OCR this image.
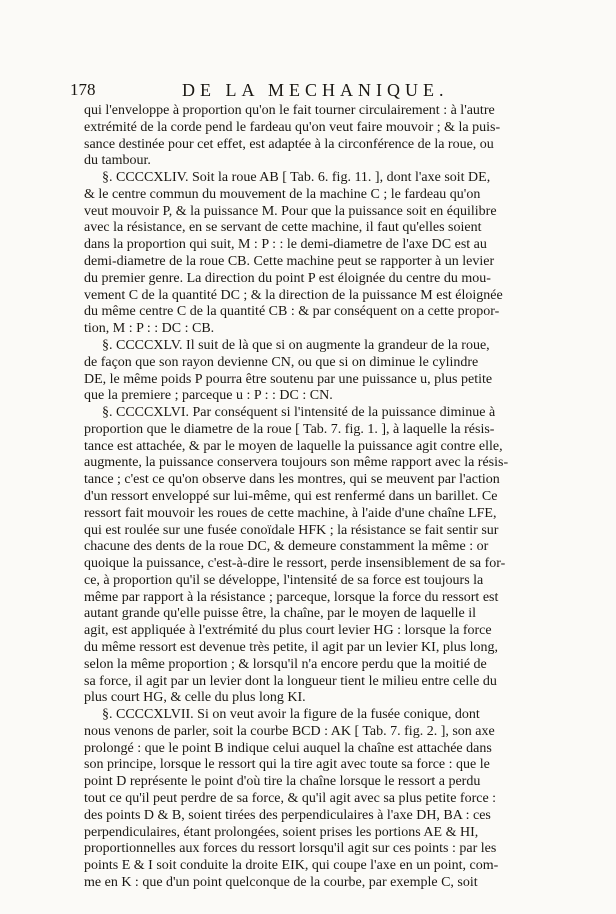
178	DE LA MECHANIQUE.
qui l'enveloppe à proportion qu'on le fait tourner circulairement : à l'autre
extrémité de la corde pend le fardeau qu'on veut faire mouvoir ; & la puis-
sance destinée pour cet effet, est adaptée à la circonférence de la roue, ou
du tambour.
§. CCCCXLIV. Soit la roue AB [ Tab. 6. fig. 11. ], dont l'axe soit DE,
& le centre commun du mouvement de la machine C ; le fardeau qu'on
veut mouvoir P, & la puissance M. Pour que la puissance soit en équilibre
avec la résistance, en se servant de cette machine, il faut qu'elles soient
dans la proportion qui suit, M : P : : le demi-diametre de l'axe DC est au
demi-diametre de la roue CB. Cette machine peut se rapporter à un levier
du premier genre. La direction du point P est éloignée du centre du mou-
vement C de la quantité DC ; & la direction de la puissance M est éloignée
du même centre C de la quantité CB : & par conséquent on a cette propor-
tion, M : P : : DC : CB.
§. CCCCXLV. Il suit de là que si on augmente la grandeur de la roue,
de façon que son rayon devienne CN, ou que si on diminue le cylindre
DE, le même poids P pourra être soutenu par une puissance u, plus petite
que la premiere ; parceque u : P : : DC : CN.
§. CCCCXLVI. Par conséquent si l'intensité de la puissance diminue à
proportion que le diametre de la roue [ Tab. 7. fig. 1. ], à laquelle la résis-
tance est attachée, & par le moyen de laquelle la puissance agit contre elle,
augmente, la puissance conservera toujours son même rapport avec la résis-
tance ; c'est ce qu'on observe dans les montres, qui se meuvent par l'action
d'un ressort enveloppé sur lui-même, qui est renfermé dans un barillet. Ce
ressort fait mouvoir les roues de cette machine, à l'aide d'une chaîne LFE,
qui est roulée sur une fusée conoïdale HFK ; la résistance se fait sentir sur
chacune des dents de la roue DC, & demeure constamment la même : or
quoique la puissance, c'est-à-dire le ressort, perde insensiblement de sa for-
ce, à proportion qu'il se développe, l'intensité de sa force est toujours la
même par rapport à la résistance ; parceque, lorsque la force du ressort est
autant grande qu'elle puisse être, la chaîne, par le moyen de laquelle il
agit, est appliquée à l'extrémité du plus court levier HG : lorsque la force
du même ressort est devenue très petite, il agit par un levier KI, plus long,
selon la même proportion ; & lorsqu'il n'a encore perdu que la moitié de
sa force, il agit par un levier dont la longueur tient le milieu entre celle du
plus court HG, & celle du plus long KI.
§. CCCCXLVII. Si on veut avoir la figure de la fusée conique, dont
nous venons de parler, soit la courbe BCD : AK [ Tab. 7. fig. 2. ], son axe
prolongé : que le point B indique celui auquel la chaîne est attachée dans
son principe, lorsque le ressort qui la tire agit avec toute sa force : que le
point D représente le point d'où tire la chaîne lorsque le ressort a perdu
tout ce qu'il peut perdre de sa force, & qu'il agit avec sa plus petite force :
des points D & B, soient tirées des perpendiculaires à l'axe DH, BA : ces
perpendiculaires, étant prolongées, soient prises les portions AE & HI,
proportionnelles aux forces du ressort lorsqu'il agit sur ces points : par les
points E & I soit conduite la droite EIK, qui coupe l'axe en un point, com-
me en K : que d'un point quelconque de la courbe, par exemple C, soit
